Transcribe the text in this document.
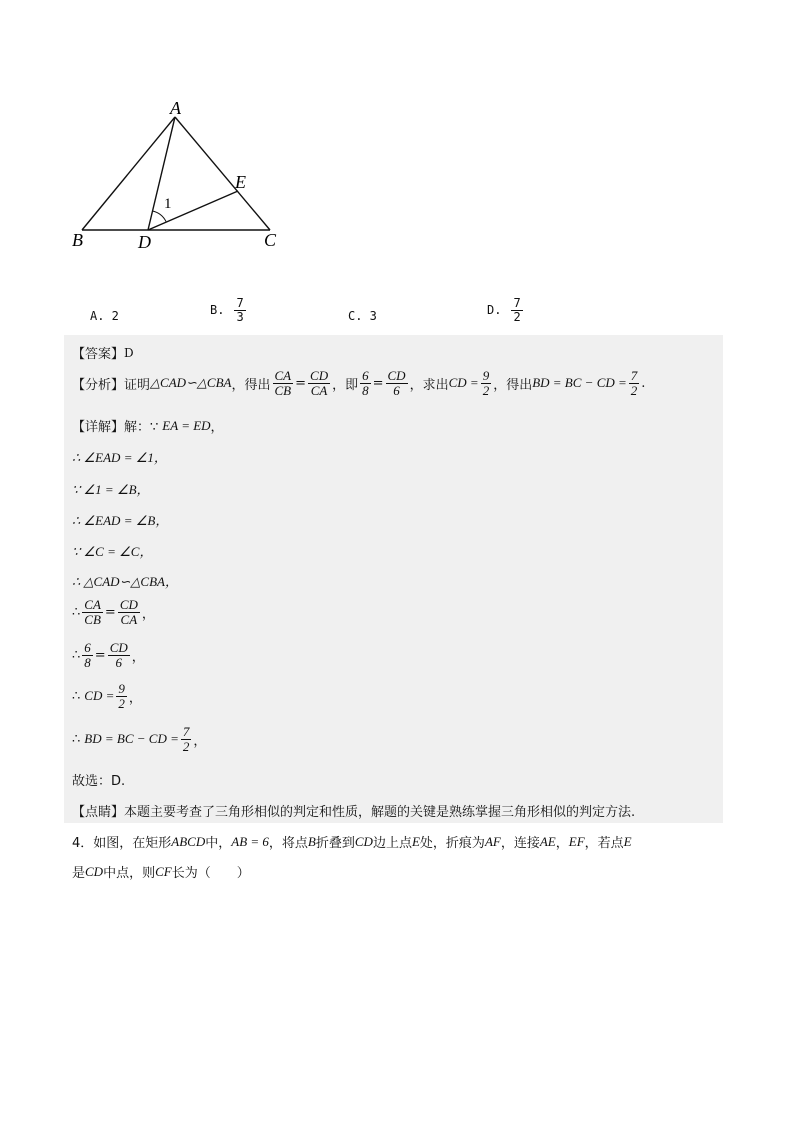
A
B	C
D
E
1
A. 2	B. $\frac{7}{3}$	C. 3	D. $\frac{7}{2}$
【答案】 D
【分析】 证明 △CAD∽△CBA ，得出 $\frac{CA}{CB} = \frac{CD}{CA}$ ，即 $\frac{6}{8} = \frac{CD}{6}$ ，求出 CD = $\frac{9}{2}$ ，得出 BD = BC − CD = $\frac{7}{2}$ .
【详解】 解：∵ EA = ED ，
∴ ∠EAD = ∠1，
∵ ∠1 = ∠B，
∴ ∠EAD = ∠B，
∵ ∠C = ∠C，
∴ △CAD∽△CBA，
∴ $\frac{CA}{CB} = \frac{CD}{CA}$ ，
∴ $\frac{6}{8} = \frac{CD}{6}$ ，
∴ CD = $\frac{9}{2}$ ，
∴ BD = BC − CD = $\frac{7}{2}$ ，
故选：D.
【点睛】 本题主要考查了三角形相似的判定和性质，解题的关键是熟练掌握三角形相似的判定方法.
4．如图，在矩形 ABCD 中， AB = 6 ，将点 B 折叠到 CD 边上点 E 处，折痕为 AF ，连接 AE ， EF ，若点 E
是 CD 中点，则 CF 长为（　　）
